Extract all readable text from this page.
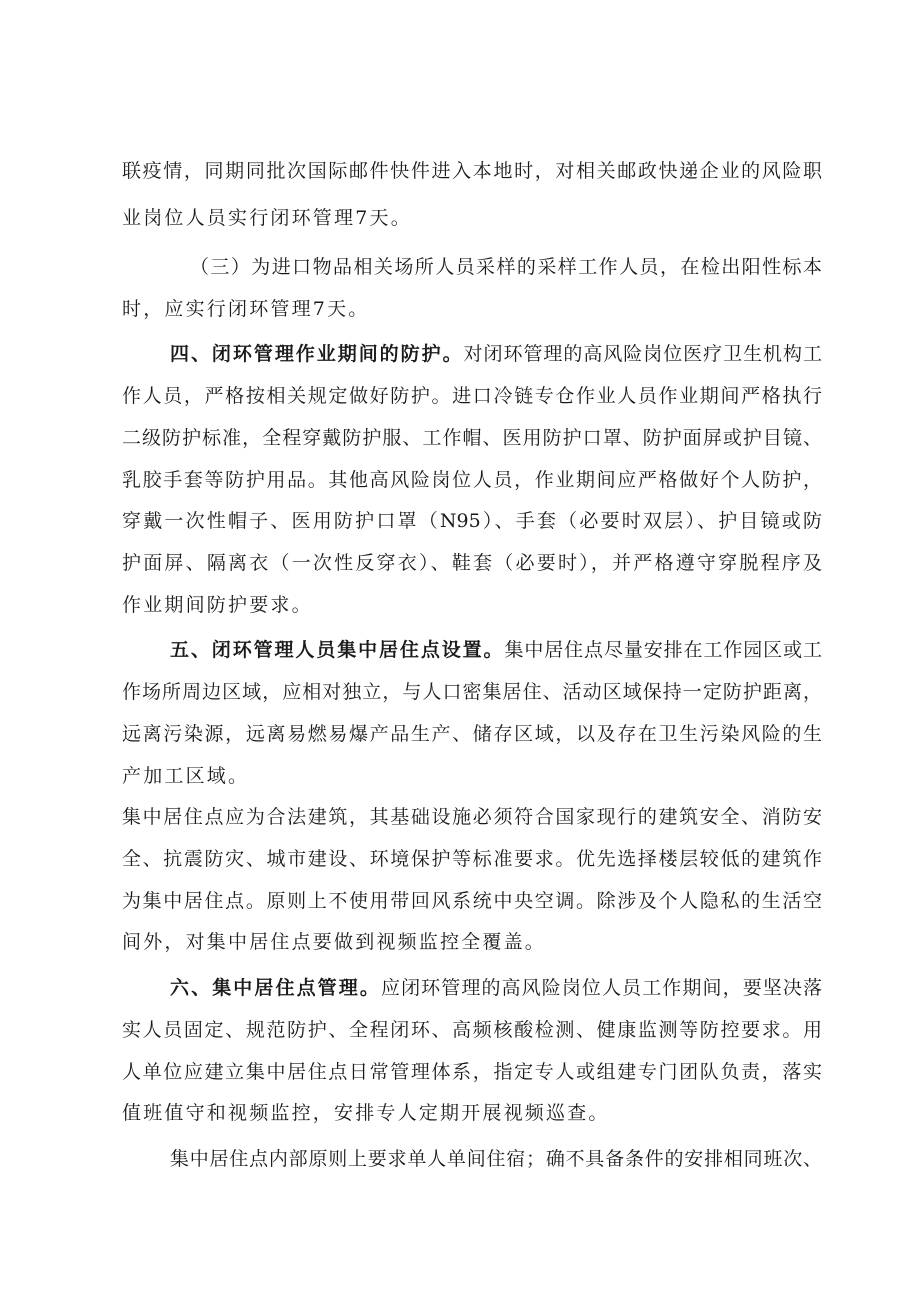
联疫情，同期同批次国际邮件快件进入本地时，对相关邮政快递企业的风险职
业岗位人员实行闭环管理7天。
（三）为进口物品相关场所人员采样的采样工作人员，在检出阳性标本
时，应实行闭环管理7天。
四、闭环管理作业期间的防护。对闭环管理的高风险岗位医疗卫生机构工
作人员，严格按相关规定做好防护。进口冷链专仓作业人员作业期间严格执行
二级防护标准，全程穿戴防护服、工作帽、医用防护口罩、防护面屏或护目镜、
乳胶手套等防护用品。其他高风险岗位人员，作业期间应严格做好个人防护，
穿戴一次性帽子、医用防护口罩（N95）、手套（必要时双层）、护目镜或防
护面屏、隔离衣（一次性反穿衣）、鞋套（必要时），并严格遵守穿脱程序及
作业期间防护要求。
五、闭环管理人员集中居住点设置。集中居住点尽量安排在工作园区或工
作场所周边区域，应相对独立，与人口密集居住、活动区域保持一定防护距离，
远离污染源，远离易燃易爆产品生产、储存区域，以及存在卫生污染风险的生
产加工区域。
集中居住点应为合法建筑，其基础设施必须符合国家现行的建筑安全、消防安
全、抗震防灾、城市建设、环境保护等标准要求。优先选择楼层较低的建筑作
为集中居住点。原则上不使用带回风系统中央空调。除涉及个人隐私的生活空
间外，对集中居住点要做到视频监控全覆盖。
六、集中居住点管理。应闭环管理的高风险岗位人员工作期间，要坚决落
实人员固定、规范防护、全程闭环、高频核酸检测、健康监测等防控要求。用
人单位应建立集中居住点日常管理体系，指定专人或组建专门团队负责，落实
值班值守和视频监控，安排专人定期开展视频巡查。
集中居住点内部原则上要求单人单间住宿；确不具备条件的安排相同班次、
